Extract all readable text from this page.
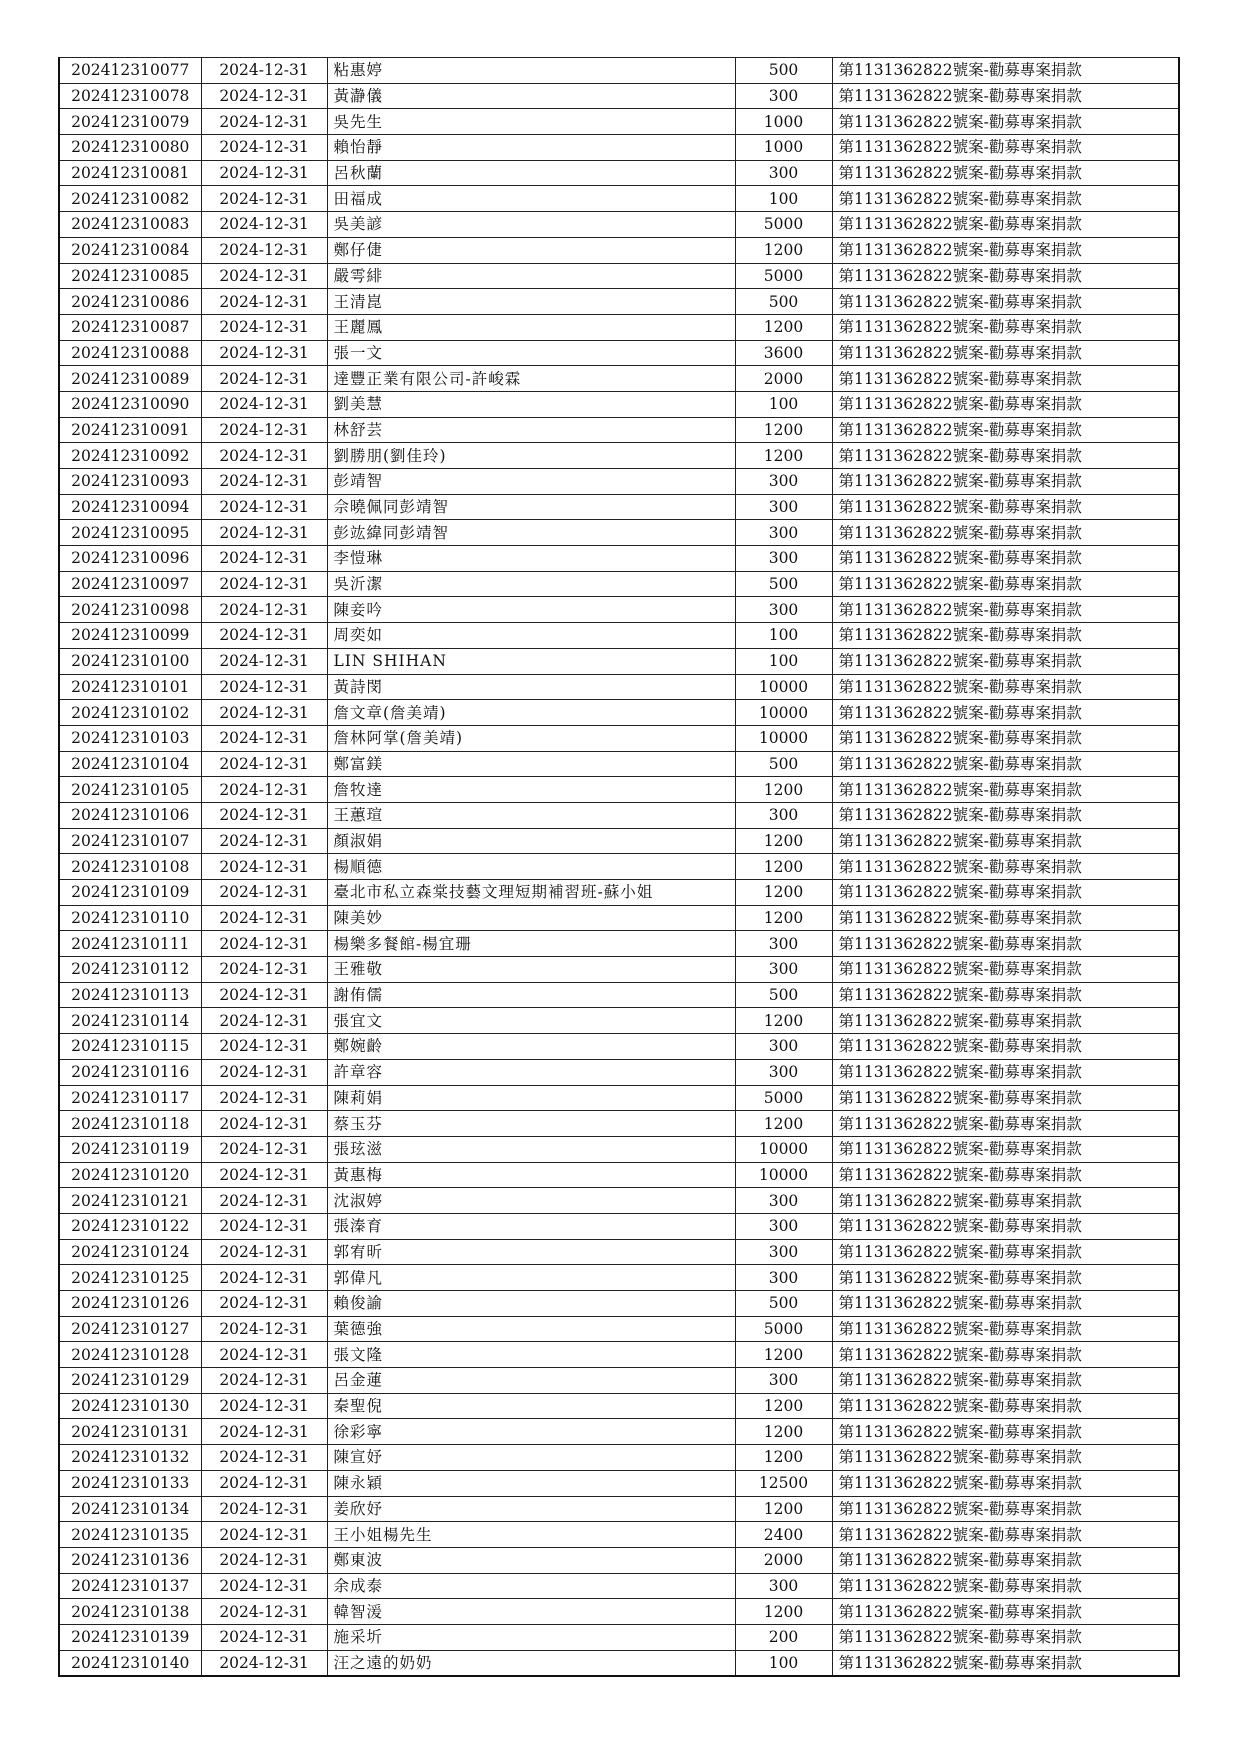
202412310077	2024-12-31	粘惠婷	500	第1131362822號案-勸募專案捐款
202412310078	2024-12-31	黃瀞儀	300	第1131362822號案-勸募專案捐款
202412310079	2024-12-31	吳先生	1000	第1131362822號案-勸募專案捐款
202412310080	2024-12-31	賴怡靜	1000	第1131362822號案-勸募專案捐款
202412310081	2024-12-31	呂秋蘭	300	第1131362822號案-勸募專案捐款
202412310082	2024-12-31	田福成	100	第1131362822號案-勸募專案捐款
202412310083	2024-12-31	吳美諺	5000	第1131362822號案-勸募專案捐款
202412310084	2024-12-31	鄭仔倢	1200	第1131362822號案-勸募專案捐款
202412310085	2024-12-31	嚴雩緋	5000	第1131362822號案-勸募專案捐款
202412310086	2024-12-31	王清崑	500	第1131362822號案-勸募專案捐款
202412310087	2024-12-31	王麗鳳	1200	第1131362822號案-勸募專案捐款
202412310088	2024-12-31	張一文	3600	第1131362822號案-勸募專案捐款
202412310089	2024-12-31	達豐正業有限公司-許峻霖	2000	第1131362822號案-勸募專案捐款
202412310090	2024-12-31	劉美慧	100	第1131362822號案-勸募專案捐款
202412310091	2024-12-31	林舒芸	1200	第1131362822號案-勸募專案捐款
202412310092	2024-12-31	劉勝朋(劉佳玲)	1200	第1131362822號案-勸募專案捐款
202412310093	2024-12-31	彭靖智	300	第1131362822號案-勸募專案捐款
202412310094	2024-12-31	佘曉佩同彭靖智	300	第1131362822號案-勸募專案捐款
202412310095	2024-12-31	彭竑緯同彭靖智	300	第1131362822號案-勸募專案捐款
202412310096	2024-12-31	李愷琳	300	第1131362822號案-勸募專案捐款
202412310097	2024-12-31	吳沂潔	500	第1131362822號案-勸募專案捐款
202412310098	2024-12-31	陳妾吟	300	第1131362822號案-勸募專案捐款
202412310099	2024-12-31	周奕如	100	第1131362822號案-勸募專案捐款
202412310100	2024-12-31	LIN SHIHAN	100	第1131362822號案-勸募專案捐款
202412310101	2024-12-31	黃詩閔	10000	第1131362822號案-勸募專案捐款
202412310102	2024-12-31	詹文章(詹美靖)	10000	第1131362822號案-勸募專案捐款
202412310103	2024-12-31	詹林阿掌(詹美靖)	10000	第1131362822號案-勸募專案捐款
202412310104	2024-12-31	鄭富鎂	500	第1131362822號案-勸募專案捐款
202412310105	2024-12-31	詹牧達	1200	第1131362822號案-勸募專案捐款
202412310106	2024-12-31	王蕙瑄	300	第1131362822號案-勸募專案捐款
202412310107	2024-12-31	顏淑娟	1200	第1131362822號案-勸募專案捐款
202412310108	2024-12-31	楊順德	1200	第1131362822號案-勸募專案捐款
202412310109	2024-12-31	臺北市私立森棠技藝文理短期補習班-蘇小姐	1200	第1131362822號案-勸募專案捐款
202412310110	2024-12-31	陳美妙	1200	第1131362822號案-勸募專案捐款
202412310111	2024-12-31	楊樂多餐館-楊宜珊	300	第1131362822號案-勸募專案捐款
202412310112	2024-12-31	王雅敬	300	第1131362822號案-勸募專案捐款
202412310113	2024-12-31	謝侑儒	500	第1131362822號案-勸募專案捐款
202412310114	2024-12-31	張宜文	1200	第1131362822號案-勸募專案捐款
202412310115	2024-12-31	鄭婉齡	300	第1131362822號案-勸募專案捐款
202412310116	2024-12-31	許章容	300	第1131362822號案-勸募專案捐款
202412310117	2024-12-31	陳莉娟	5000	第1131362822號案-勸募專案捐款
202412310118	2024-12-31	蔡玉芬	1200	第1131362822號案-勸募專案捐款
202412310119	2024-12-31	張玹滋	10000	第1131362822號案-勸募專案捐款
202412310120	2024-12-31	黃惠梅	10000	第1131362822號案-勸募專案捐款
202412310121	2024-12-31	沈淑婷	300	第1131362822號案-勸募專案捐款
202412310122	2024-12-31	張溱育	300	第1131362822號案-勸募專案捐款
202412310124	2024-12-31	郭宥昕	300	第1131362822號案-勸募專案捐款
202412310125	2024-12-31	郭偉凡	300	第1131362822號案-勸募專案捐款
202412310126	2024-12-31	賴俊諭	500	第1131362822號案-勸募專案捐款
202412310127	2024-12-31	葉德強	5000	第1131362822號案-勸募專案捐款
202412310128	2024-12-31	張文隆	1200	第1131362822號案-勸募專案捐款
202412310129	2024-12-31	呂金蓮	300	第1131362822號案-勸募專案捐款
202412310130	2024-12-31	秦聖倪	1200	第1131362822號案-勸募專案捐款
202412310131	2024-12-31	徐彩寧	1200	第1131362822號案-勸募專案捐款
202412310132	2024-12-31	陳宣妤	1200	第1131362822號案-勸募專案捐款
202412310133	2024-12-31	陳永穎	12500	第1131362822號案-勸募專案捐款
202412310134	2024-12-31	姜欣妤	1200	第1131362822號案-勸募專案捐款
202412310135	2024-12-31	王小姐楊先生	2400	第1131362822號案-勸募專案捐款
202412310136	2024-12-31	鄭東波	2000	第1131362822號案-勸募專案捐款
202412310137	2024-12-31	余成泰	300	第1131362822號案-勸募專案捐款
202412310138	2024-12-31	韓智湲	1200	第1131362822號案-勸募專案捐款
202412310139	2024-12-31	施采圻	200	第1131362822號案-勸募專案捐款
202412310140	2024-12-31	汪之遠的奶奶	100	第1131362822號案-勸募專案捐款
